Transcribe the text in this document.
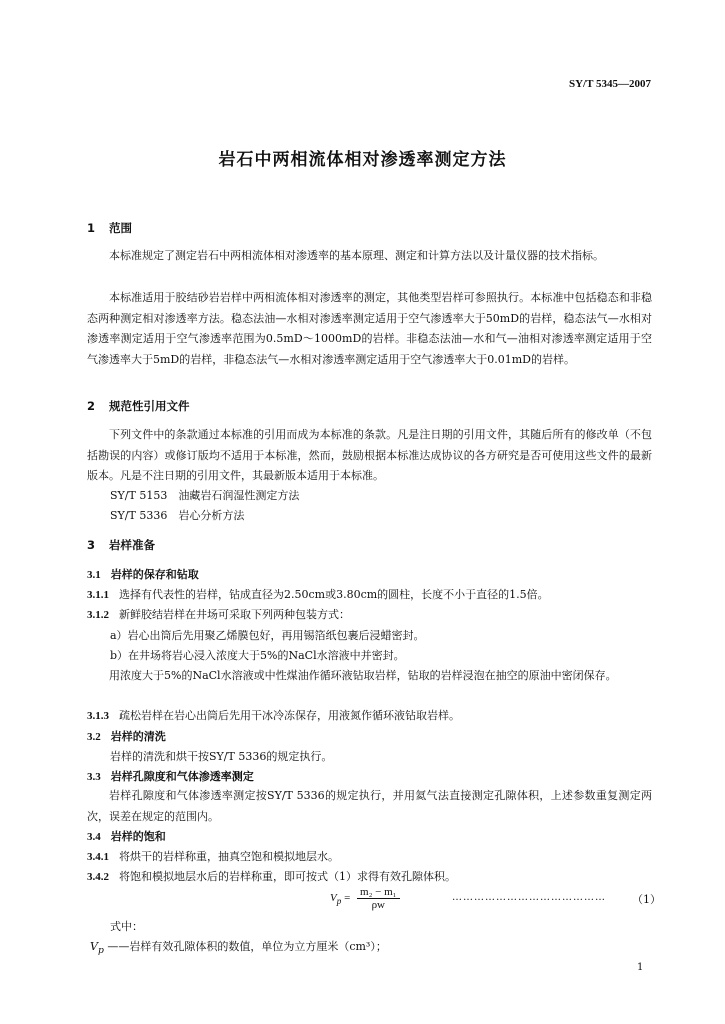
SY/T 5345—2007
岩石中两相流体相对渗透率测定方法
1 范围
本标准规定了测定岩石中两相流体相对渗透率的基本原理、测定和计算方法以及计量仪器的技术指标。
本标准适用于胶结砂岩岩样中两相流体相对渗透率的测定，其他类型岩样可参照执行。本标准中包括稳态和非稳态两种测定相对渗透率方法。稳态法油—水相对渗透率测定适用于空气渗透率大于50mD的岩样，稳态法气—水相对渗透率测定适用于空气渗透率范围为0.5mD～1000mD的岩样。非稳态法油—水和气—油相对渗透率测定适用于空气渗透率大于5mD的岩样，非稳态法气—水相对渗透率测定适用于空气渗透率大于0.01mD的岩样。
2 规范性引用文件
下列文件中的条款通过本标准的引用而成为本标准的条款。凡是注日期的引用文件，其随后所有的修改单（不包括勘误的内容）或修订版均不适用于本标准，然而，鼓励根据本标准达成协议的各方研究是否可使用这些文件的最新版本。凡是不注日期的引用文件，其最新版本适用于本标准。
SY/T 5153　油藏岩石润湿性测定方法
SY/T 5336　岩心分析方法
3 岩样准备
3.1 岩样的保存和钻取
3.1.1 选择有代表性的岩样，钻成直径为2.50cm或3.80cm的圆柱，长度不小于直径的1.5倍。
3.1.2 新鲜胶结岩样在井场可采取下列两种包装方式：
a）岩心出筒后先用聚乙烯膜包好，再用锡箔纸包裹后浸蜡密封。
b）在井场将岩心浸入浓度大于5%的NaCl水溶液中并密封。
用浓度大于5%的NaCl水溶液或中性煤油作循环液钻取岩样，钻取的岩样浸泡在抽空的原油中密闭保存。
3.1.3 疏松岩样在岩心出筒后先用干冰冷冻保存，用液氮作循环液钻取岩样。
3.2 岩样的清洗
岩样的清洗和烘干按SY/T 5336的规定执行。
3.3 岩样孔隙度和气体渗透率测定
岩样孔隙度和气体渗透率测定按SY/T 5336的规定执行，并用氦气法直接测定孔隙体积，上述参数重复测定两次，误差在规定的范围内。
3.4 岩样的饱和
3.4.1 将烘干的岩样称重，抽真空饱和模拟地层水。
3.4.2 将饱和模拟地层水后的岩样称重，即可按式（1）求得有效孔隙体积。
$V_p = \frac{\text{m₂ − m₁}}{\rho w}$	…………………………………… （1）
式中：
$V_p$ ——岩样有效孔隙体积的数值，单位为立方厘米（cm³）；
1
